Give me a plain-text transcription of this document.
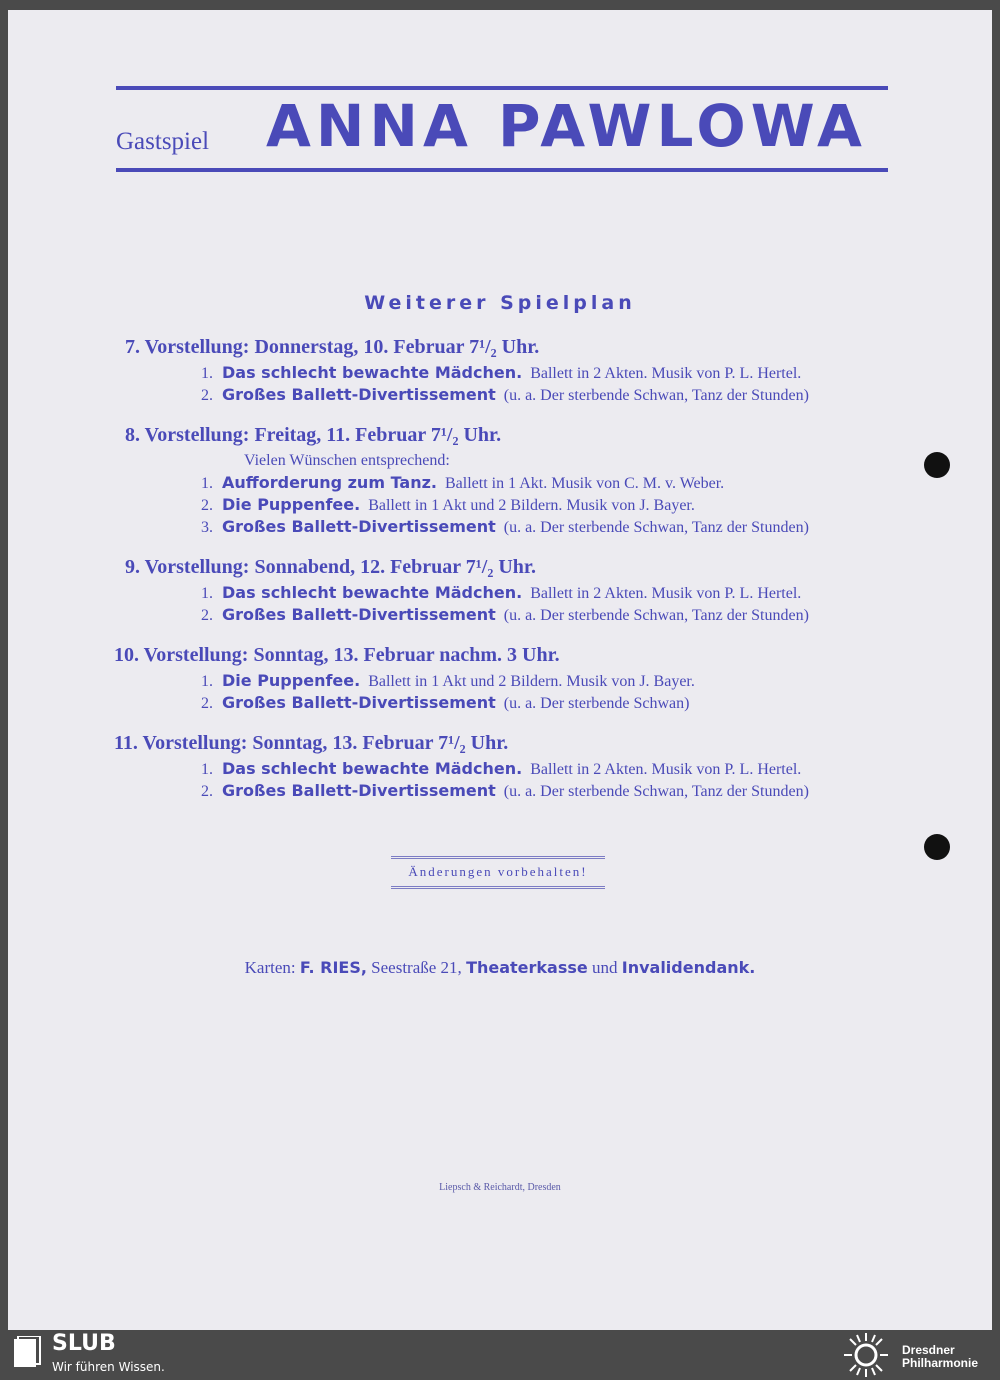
Gastspiel ANNA PAWLOWA
Weiterer Spielplan
7. Vorstellung: Donnerstag, 10. Februar 7¹/₂ Uhr.
1. Das schlecht bewachte Mädchen. Ballett in 2 Akten. Musik von P. L. Hertel.
2. Großes Ballett-Divertissement (u. a. Der sterbende Schwan, Tanz der Stunden)
8. Vorstellung: Freitag, 11. Februar 7¹/₂ Uhr.
Vielen Wünschen entsprechend:
1. Aufforderung zum Tanz. Ballett in 1 Akt. Musik von C. M. v. Weber.
2. Die Puppenfee. Ballett in 1 Akt und 2 Bildern. Musik von J. Bayer.
3. Großes Ballett-Divertissement (u. a. Der sterbende Schwan, Tanz der Stunden)
9. Vorstellung: Sonnabend, 12. Februar 7¹/₂ Uhr.
1. Das schlecht bewachte Mädchen. Ballett in 2 Akten. Musik von P. L. Hertel.
2. Großes Ballett-Divertissement (u. a. Der sterbende Schwan, Tanz der Stunden)
10. Vorstellung: Sonntag, 13. Februar nachm. 3 Uhr.
1. Die Puppenfee. Ballett in 1 Akt und 2 Bildern. Musik von J. Bayer.
2. Großes Ballett-Divertissement (u. a. Der sterbende Schwan)
11. Vorstellung: Sonntag, 13. Februar 7¹/₂ Uhr.
1. Das schlecht bewachte Mädchen. Ballett in 2 Akten. Musik von P. L. Hertel.
2. Großes Ballett-Divertissement (u. a. Der sterbende Schwan, Tanz der Stunden)
Änderungen vorbehalten!
Karten: F. RIES, Seestraße 21, Theaterkasse und Invalidendank.
Liepsch & Reichardt, Dresden
SLUB
Wir führen Wissen.
Dresdner
Philharmonie
